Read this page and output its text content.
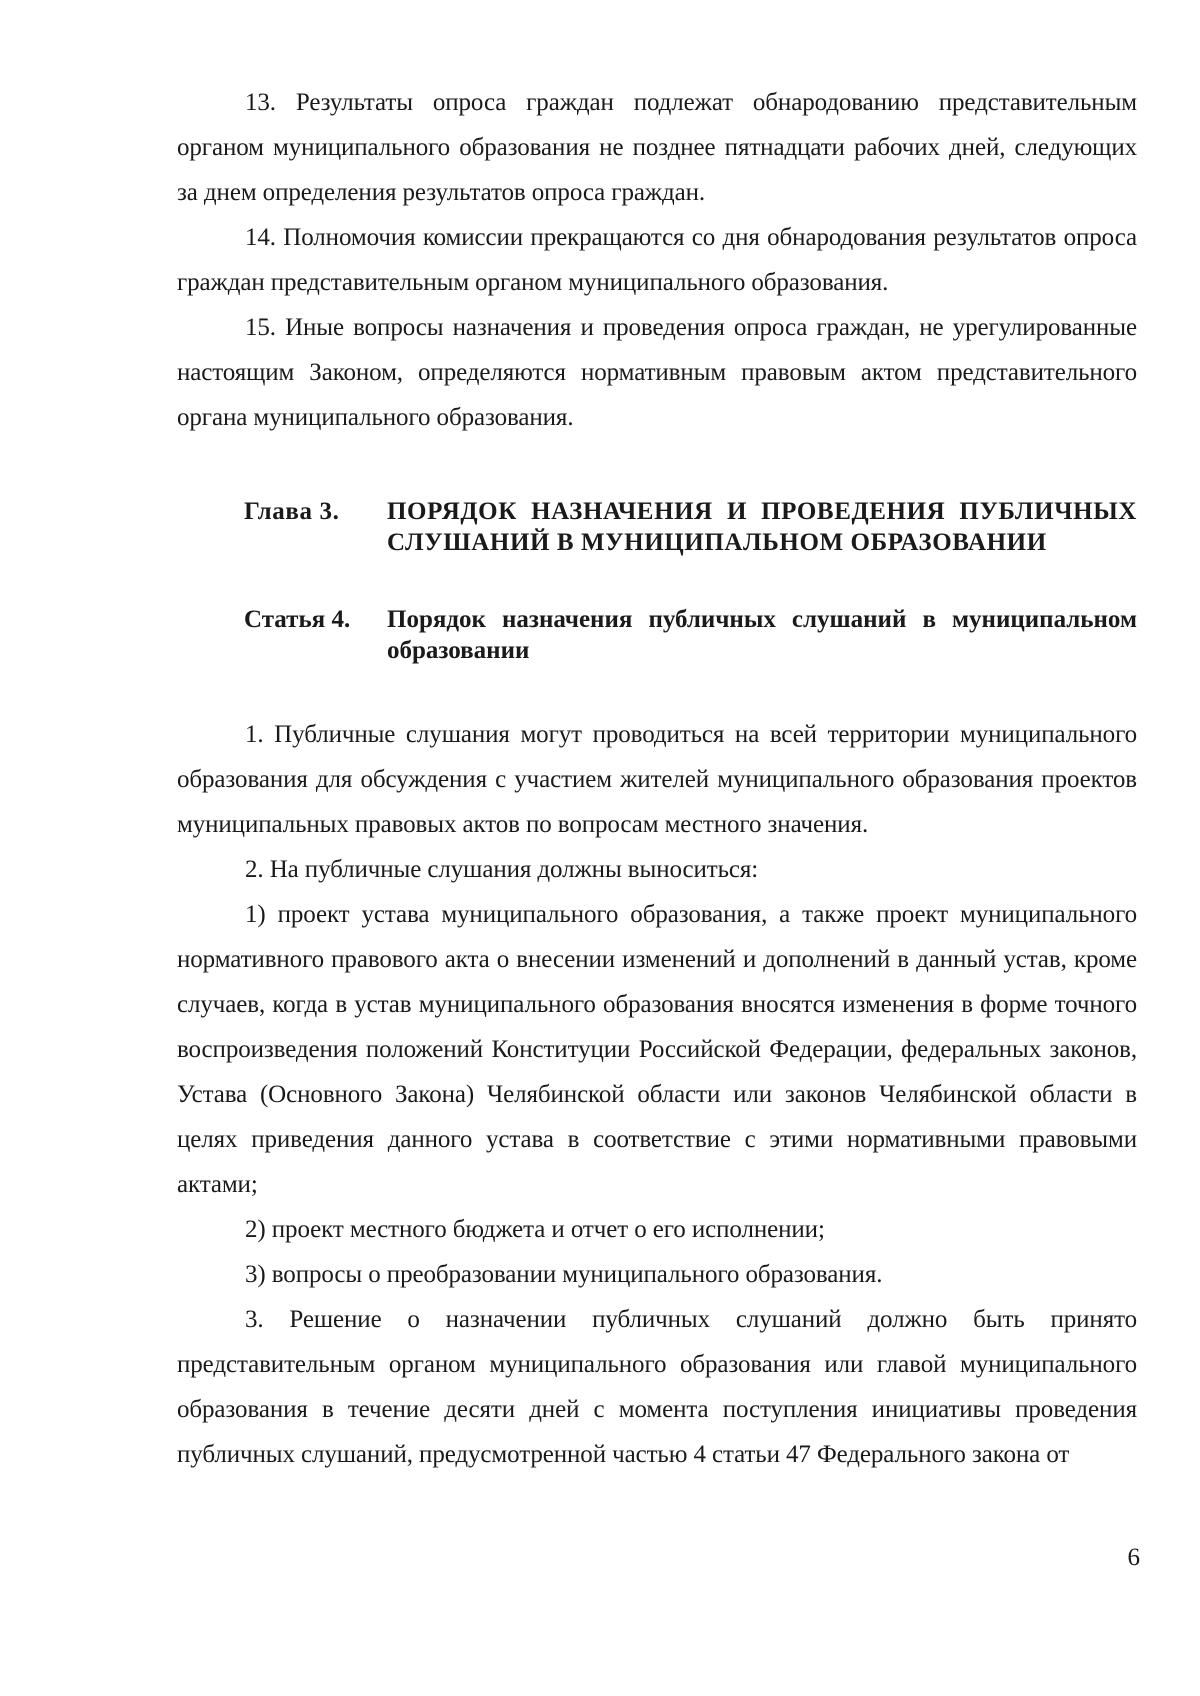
13. Результаты опроса граждан подлежат обнародованию представительным органом муниципального образования не позднее пятнадцати рабочих дней, следующих за днем определения результатов опроса граждан.

14. Полномочия комиссии прекращаются со дня обнародования результатов опроса граждан представительным органом муниципального образования.

15. Иные вопросы назначения и проведения опроса граждан, не урегулированные настоящим Законом, определяются нормативным правовым актом представительного органа муниципального образования.

Глава 3.	ПОРЯДОК НАЗНАЧЕНИЯ И ПРОВЕДЕНИЯ ПУБЛИЧНЫХ СЛУШАНИЙ В МУНИЦИПАЛЬНОМ ОБРАЗОВАНИИ
Статья 4.	Порядок назначения публичных слушаний в муниципальном образовании

1. Публичные слушания могут проводиться на всей территории муниципального образования для обсуждения с участием жителей муниципального образования проектов муниципальных правовых актов по вопросам местного значения.

2. На публичные слушания должны выноситься:

1) проект устава муниципального образования, а также проект муниципального нормативного правового акта о внесении изменений и дополнений в данный устав, кроме случаев, когда в устав муниципального образования вносятся изменения в форме точного воспроизведения положений Конституции Российской Федерации, федеральных законов, Устава (Основного Закона) Челябинской области или законов Челябинской области в целях приведения данного устава в соответствие с этими нормативными правовыми актами;

2) проект местного бюджета и отчет о его исполнении;

3) вопросы о преобразовании муниципального образования.

3. Решение о назначении публичных слушаний должно быть принято представительным органом муниципального образования или главой муниципального образования в течение десяти дней с момента поступления инициативы проведения публичных слушаний, предусмотренной частью 4 статьи 47 Федерального закона от

6
